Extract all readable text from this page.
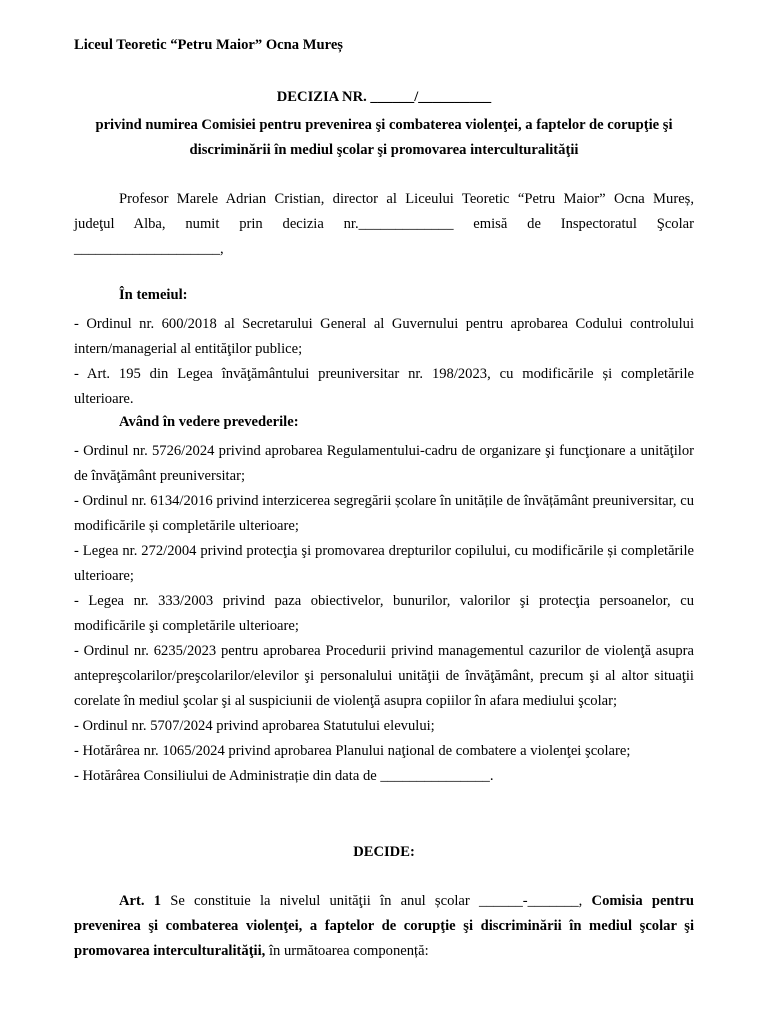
Liceul Teoretic “Petru Maior” Ocna Mureș
DECIZIA NR. ______/__________
privind numirea Comisiei pentru prevenirea şi combaterea violenţei, a faptelor de corupţie şi
discriminării în mediul şcolar şi promovarea interculturalităţii
Profesor Marele Adrian Cristian, director al Liceului Teoretic “Petru Maior” Ocna Mureș,
judeţul Alba, numit prin decizia nr._____________ emisă de Inspectoratul Şcolar
____________________,
În temeiul:

- Ordinul nr. 600/2018 al Secretarului General al Guvernului pentru aprobarea Codului controlului intern/managerial al entităţilor publice;

- Art. 195 din Legea învăţământului preuniversitar nr. 198/2023, cu modificările și completările ulterioare.

Având în vedere prevederile:

- Ordinul nr. 5726/2024 privind aprobarea Regulamentului-cadru de organizare şi funcţionare a unităţilor de învăţământ preuniversitar;

- Ordinul nr. 6134/2016 privind interzicerea segregării școlare în unitățile de învățământ preuniversitar, cu modificările și completările ulterioare;

- Legea nr. 272/2004 privind protecţia şi promovarea drepturilor copilului, cu modificările și completările ulterioare;

- Legea nr. 333/2003 privind paza obiectivelor, bunurilor, valorilor şi protecţia persoanelor, cu modificările şi completările ulterioare;

- Ordinul nr. 6235/2023 pentru aprobarea Procedurii privind managementul cazurilor de violenţă asupra antepreşcolarilor/preşcolarilor/elevilor şi personalului unităţii de învăţământ, precum şi al altor situaţii corelate în mediul şcolar şi al suspiciunii de violenţă asupra copiilor în afara mediului şcolar;

- Ordinul nr. 5707/2024 privind aprobarea Statutului elevului;

- Hotărârea nr. 1065/2024 privind aprobarea Planului naţional de combatere a violenţei şcolare;

- Hotărârea Consiliului de Administrație din data de _______________.

DECIDE:
Art. 1 Se constituie la nivelul unităţii în anul școlar ______-_______, Comisia pentru prevenirea şi combaterea violenţei, a faptelor de corupţie şi discriminării în mediul şcolar şi promovarea interculturalităţii, în următoarea componență:
